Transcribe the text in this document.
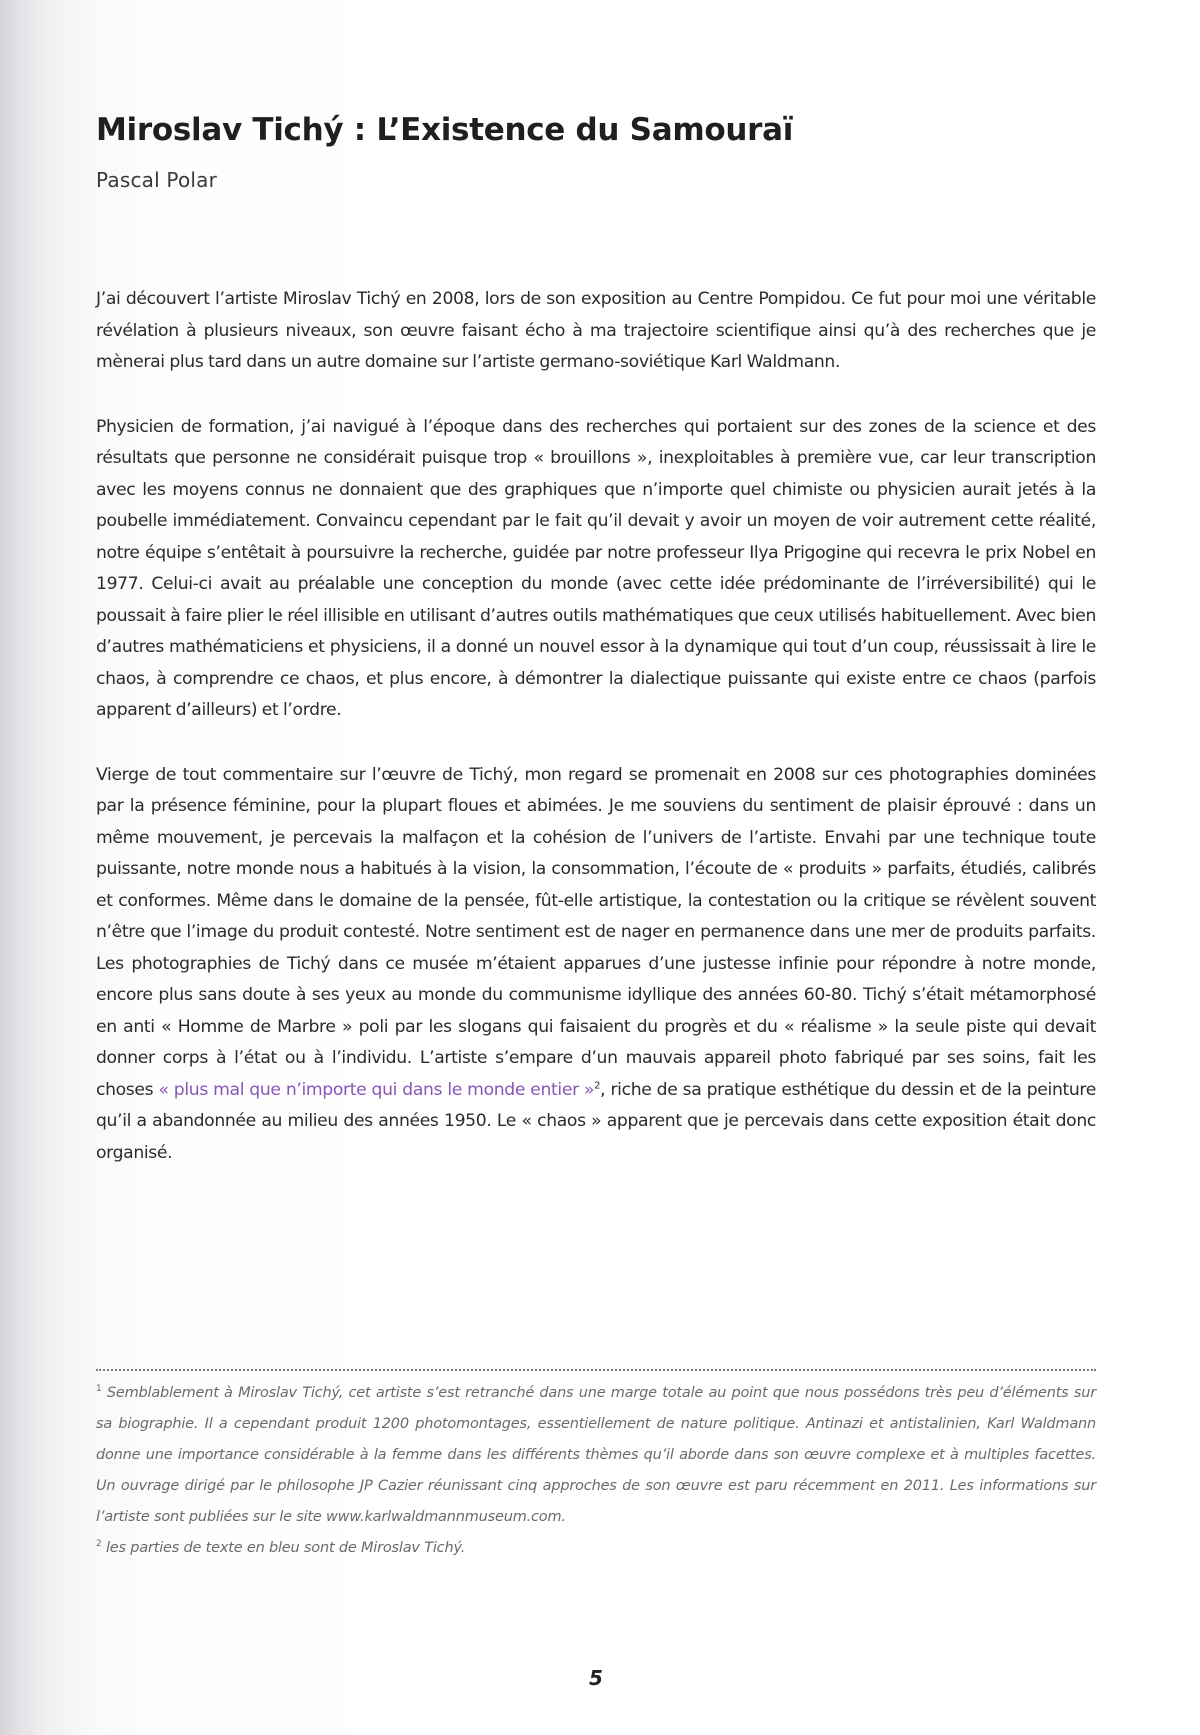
Miroslav Tichý : L’Existence du Samouraï
Pascal Polar

J’ai découvert l’artiste Miroslav Tichý en 2008, lors de son exposition au Centre Pompidou. Ce fut pour moi une véritable révélation à plusieurs niveaux, son œuvre faisant écho à ma trajectoire scientifique ainsi qu’à des recherches que je mènerai plus tard dans un autre domaine sur l’artiste germano-soviétique Karl Waldmann.

Physicien de formation, j’ai navigué à l’époque dans des recherches qui portaient sur des zones de la science et des résultats que personne ne considérait puisque trop « brouillons », inexploitables à première vue, car leur transcription avec les moyens connus ne donnaient que des graphiques que n’importe quel chimiste ou physicien aurait jetés à la poubelle immédiatement. Convaincu cependant par le fait qu’il devait y avoir un moyen de voir autrement cette réalité, notre équipe s’entêtait à poursuivre la recherche, guidée par notre professeur Ilya Prigogine qui recevra le prix Nobel en 1977. Celui-ci avait au préalable une conception du monde (avec cette idée prédominante de l’irréversibilité) qui le poussait à faire plier le réel illisible en utilisant d’autres outils mathématiques que ceux utilisés habituellement. Avec bien d’autres mathématiciens et physiciens, il a donné un nouvel essor à la dynamique qui tout d’un coup, réussissait à lire le chaos, à comprendre ce chaos, et plus encore, à démontrer la dialectique puissante qui existe entre ce chaos (parfois apparent d’ailleurs) et l’ordre.

Vierge de tout commentaire sur l’œuvre de Tichý, mon regard se promenait en 2008 sur ces photographies dominées par la présence féminine, pour la plupart floues et abimées. Je me souviens du sentiment de plaisir éprouvé : dans un même mouvement, je percevais la malfaçon et la cohésion de l’univers de l’artiste. Envahi par une technique toute puissante, notre monde nous a habitués à la vision, la consommation, l’écoute de « produits » parfaits, étudiés, calibrés et conformes. Même dans le domaine de la pensée, fût-elle artistique, la contestation ou la critique se révèlent souvent n’être que l’image du produit contesté. Notre sentiment est de nager en permanence dans une mer de produits parfaits. Les photographies de Tichý dans ce musée m’étaient apparues d’une justesse infinie pour répondre à notre monde, encore plus sans doute à ses yeux au monde du communisme idyllique des années 60-80. Tichý s’était métamorphosé en anti « Homme de Marbre » poli par les slogans qui faisaient du progrès et du « réalisme » la seule piste qui devait donner corps à l’état ou à l’individu. L’artiste s’empare d’un mauvais appareil photo fabriqué par ses soins, fait les choses « plus mal que n’importe qui dans le monde entier »$^2$, riche de sa pratique esthétique du dessin et de la peinture qu’il a abandonnée au milieu des années 1950. Le « chaos » apparent que je percevais dans cette exposition était donc organisé.

$^1$ Semblablement à Miroslav Tichý, cet artiste s’est retranché dans une marge totale au point que nous possédons très peu d’éléments sur sa biographie. Il a cependant produit 1200 photomontages, essentiellement de nature politique. Antinazi et antistalinien, Karl Waldmann donne une importance considérable à la femme dans les différents thèmes qu’il aborde dans son œuvre complexe et à multiples facettes. Un ouvrage dirigé par le philosophe JP Cazier réunissant cinq approches de son œuvre est paru récemment en 2011. Les informations sur l’artiste sont publiées sur le site www.karlwaldmannmuseum.com.

$^2$ les parties de texte en bleu sont de Miroslav Tichý.

5
